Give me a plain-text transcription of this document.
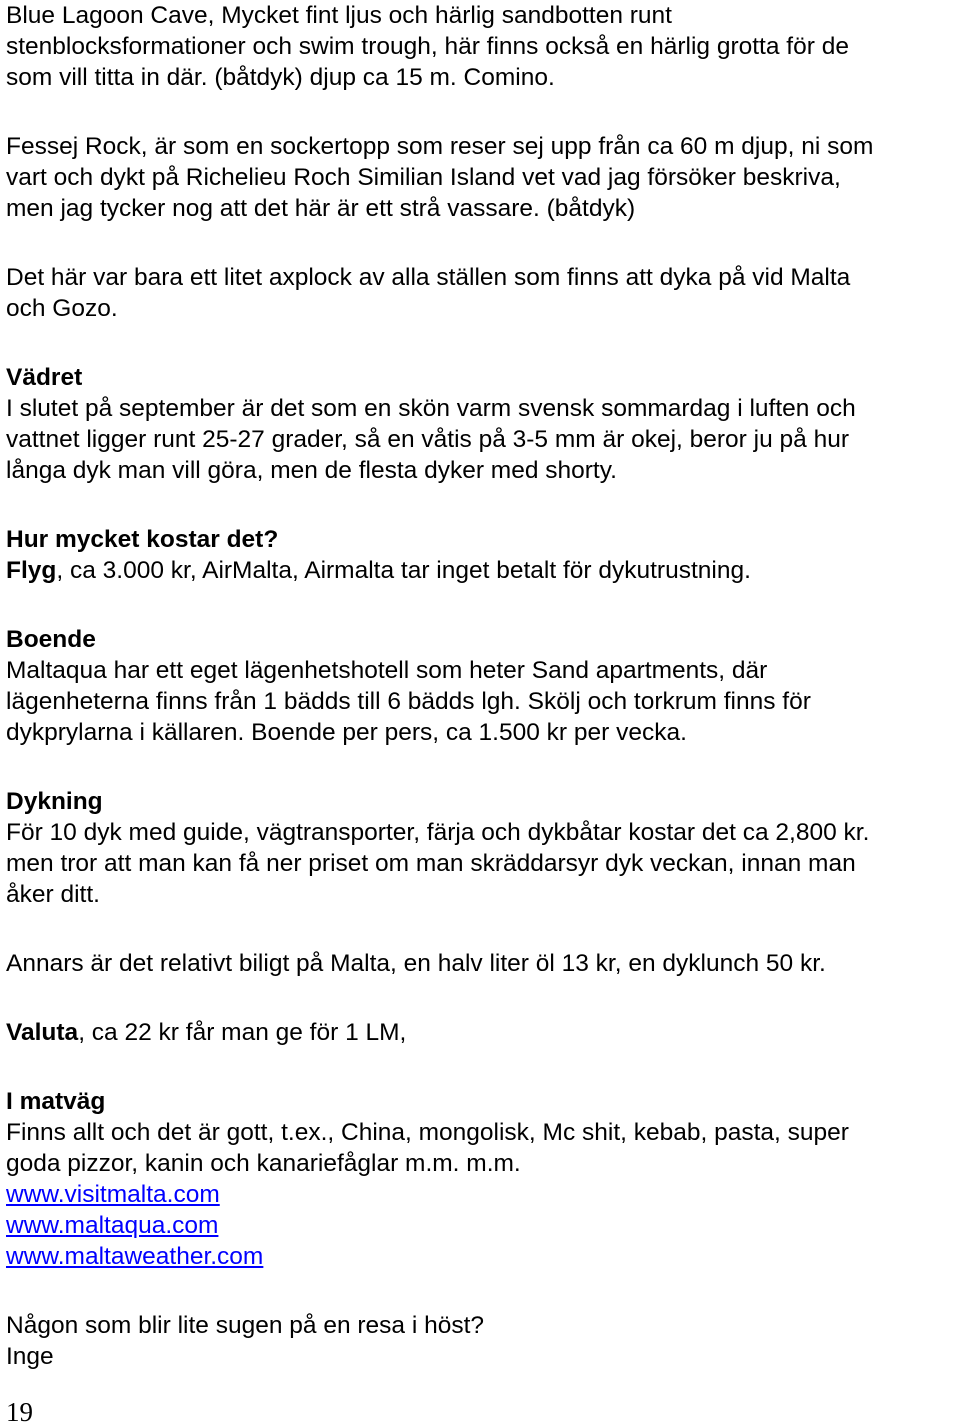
Blue Lagoon Cave, Mycket fint ljus och härlig sandbotten runt
stenblocksformationer och swim trough, här finns också en härlig grotta för de
som vill titta in där. (båtdyk) djup ca 15 m. Comino.
Fessej Rock, är som en sockertopp som reser sej upp från ca 60 m djup, ni som
vart och dykt på Richelieu Roch Similian Island vet vad jag försöker beskriva,
men jag tycker nog att det här är ett strå vassare. (båtdyk)
Det här var bara ett litet axplock av alla ställen som finns att dyka på vid Malta
och Gozo.
Vädret
I slutet på september är det som en skön varm svensk sommardag i luften och
vattnet ligger runt 25-27 grader, så en våtis på 3-5 mm är okej, beror ju på hur
långa dyk man vill göra, men de flesta dyker med shorty.
Hur mycket kostar det?
Flyg, ca 3.000 kr, AirMalta, Airmalta tar inget betalt för dykutrustning.
Boende
Maltaqua har ett eget lägenhetshotell som heter Sand apartments, där
lägenheterna finns från 1 bädds till 6 bädds lgh. Skölj och torkrum finns för
dykprylarna i källaren. Boende per pers, ca 1.500 kr per vecka.
Dykning
För 10 dyk med guide, vägtransporter, färja och dykbåtar kostar det ca 2,800 kr.
men tror att man kan få ner priset om man skräddarsyr dyk veckan, innan man
åker ditt.
Annars är det relativt biligt på Malta, en halv liter öl 13 kr, en dyklunch 50 kr.
Valuta, ca 22 kr får man ge för 1 LM,
I matväg
Finns allt och det är gott, t.ex., China, mongolisk, Mc shit, kebab, pasta, super
goda pizzor, kanin och kanariefåglar m.m. m.m.
www.visitmalta.com
www.maltaqua.com
www.maltaweather.com
Någon som blir lite sugen på en resa i höst?
Inge
19
